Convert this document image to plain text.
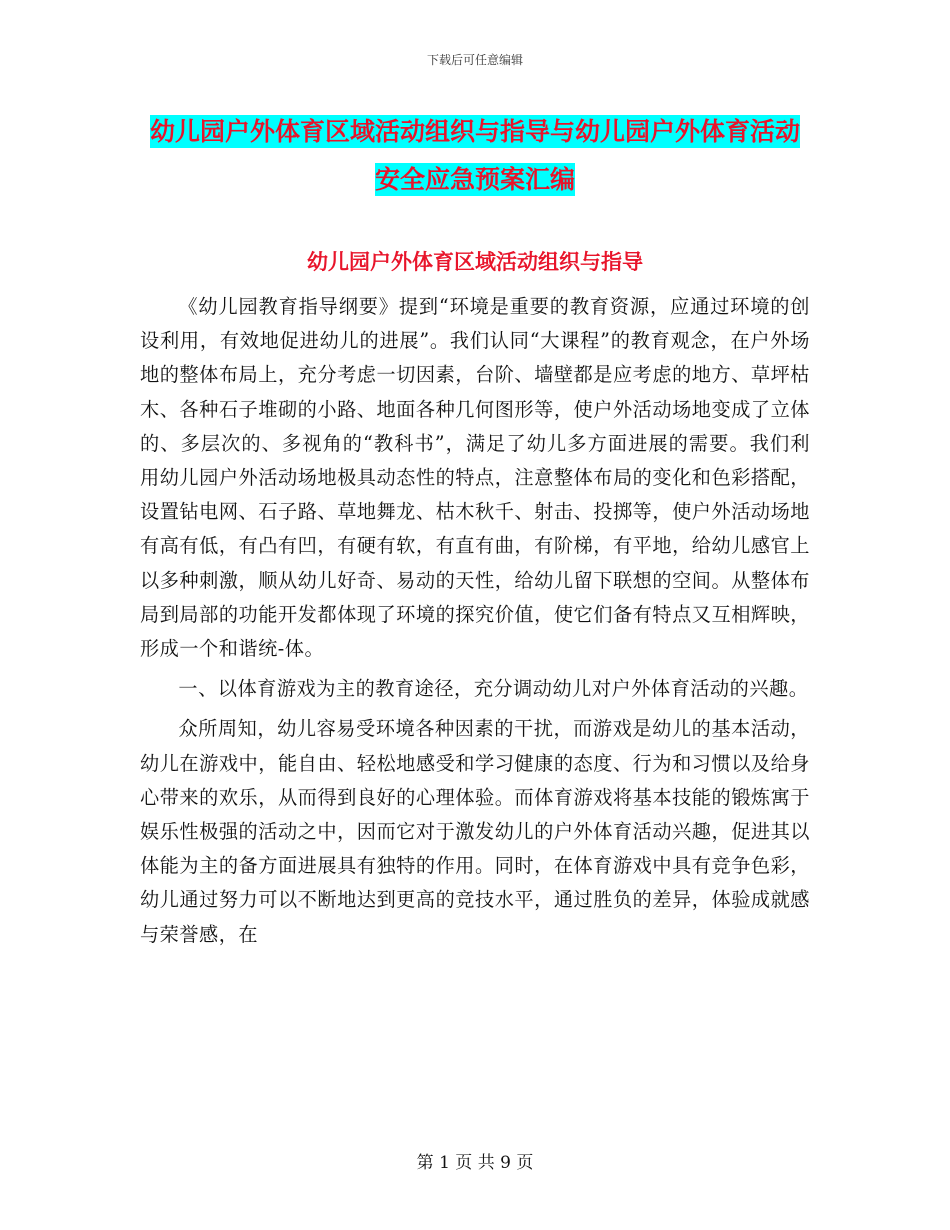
下载后可任意编辑
幼儿园户外体育区域活动组织与指导与幼儿园户外体育活动安全应急预案汇编
幼儿园户外体育区域活动组织与指导

《幼儿园教育指导纲要》提到“环境是重要的教育资源，应通过环境的创设利用，有效地促进幼儿的进展”。我们认同“大课程”的教育观念，在户外场地的整体布局上，充分考虑一切因素，台阶、墙壁都是应考虑的地方、草坪枯木、各种石子堆砌的小路、地面各种几何图形等，使户外活动场地变成了立体的、多层次的、多视角的“教科书”，满足了幼儿多方面进展的需要。我们利用幼儿园户外活动场地极具动态性的特点，注意整体布局的变化和色彩搭配，设置钻电网、石子路、草地舞龙、枯木秋千、射击、投掷等，使户外活动场地有高有低，有凸有凹，有硬有软，有直有曲，有阶梯，有平地，给幼儿感官上以多种刺激，顺从幼儿好奇、易动的天性，给幼儿留下联想的空间。从整体布局到局部的功能开发都体现了环境的探究价值，使它们备有特点又互相辉映，形成一个和谐统-体。

一、以体育游戏为主的教育途径，充分调动幼儿对户外体育活动的兴趣。

众所周知，幼儿容易受环境各种因素的干扰，而游戏是幼儿的基本活动，幼儿在游戏中，能自由、轻松地感受和学习健康的态度、行为和习惯以及给身心带来的欢乐，从而得到良好的心理体验。而体育游戏将基本技能的锻炼寓于娱乐性极强的活动之中，因而它对于激发幼儿的户外体育活动兴趣，促进其以体能为主的备方面进展具有独特的作用。同时，在体育游戏中具有竞争色彩，幼儿通过努力可以不断地达到更高的竞技水平，通过胜负的差异，体验成就感与荣誉感，在

第 1 页 共 9 页
